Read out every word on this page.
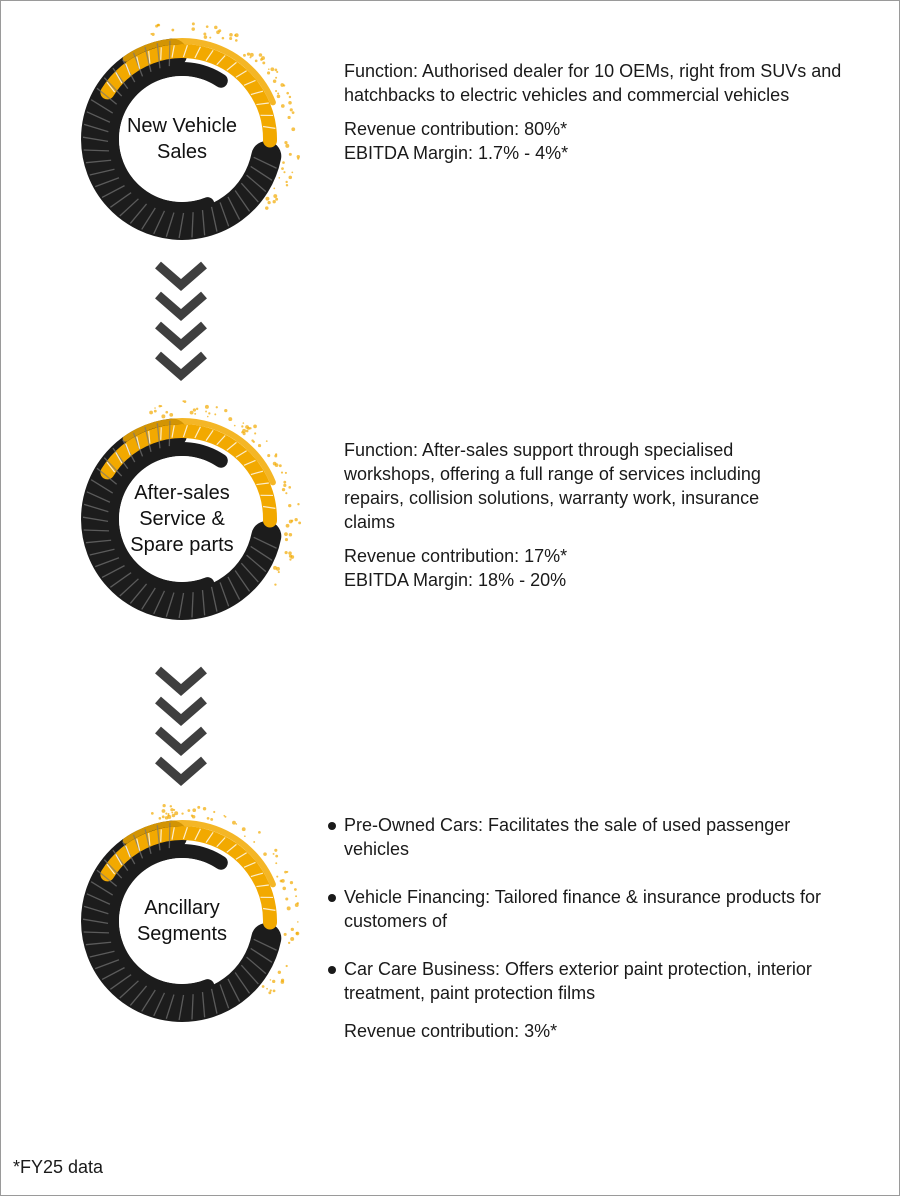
New Vehicle
Sales

Function: Authorised dealer for 10 OEMs, right from SUVs and hatchbacks to electric vehicles and commercial vehicles

Revenue contribution: 80%*

EBITDA Margin: 1.7% - 4%*

After-sales
Service &
Spare parts

Function: After-sales support through specialised workshops, offering a full range of services including repairs, collision solutions, warranty work, insurance claims

Revenue contribution: 17%*

EBITDA Margin: 18% - 20%

Ancillary
Segments
Pre-Owned Cars: Facilitates the sale of used passenger vehicles
Vehicle Financing: Tailored finance & insurance products for customers of
Car Care Business: Offers exterior paint protection, interior treatment, paint protection films

Revenue contribution: 3%*

*FY25 data
